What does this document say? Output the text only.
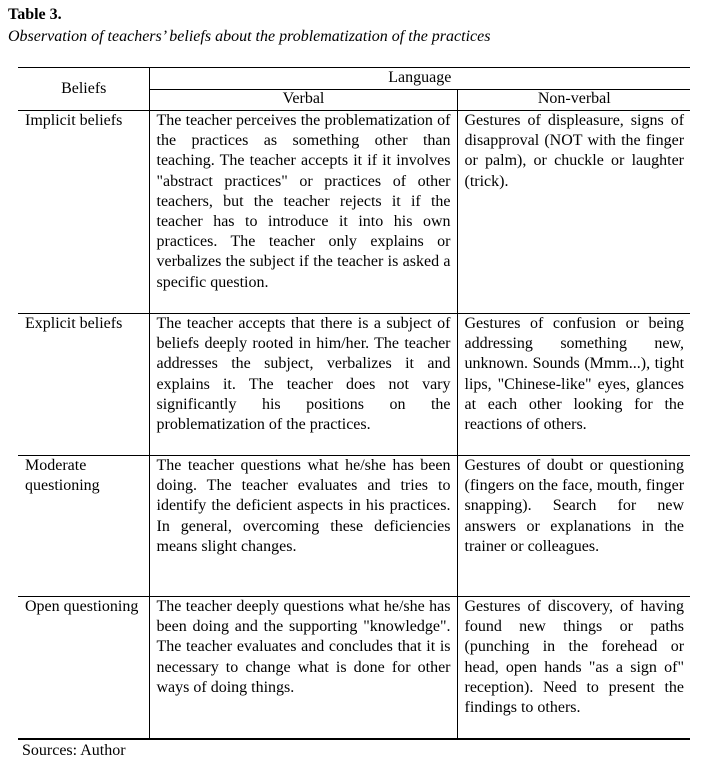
Table 3.
Observation of teachers’ beliefs about the problematization of the practices
Beliefs	Language	
	Verbal	Non-verbal
Implicit beliefs	The teacher perceives the problematization of the practices as something other than teaching. The teacher accepts it if it involves "abstract practices" or practices of other teachers, but the teacher rejects it if the teacher has to introduce it into his own practices. The teacher only explains or verbalizes the subject if the teacher is asked a specific question.	Gestures of displeasure, signs of disapproval (NOT with the finger or palm), or chuckle or laughter (trick).
Explicit beliefs	The teacher accepts that there is a subject of beliefs deeply rooted in him/her. The teacher addresses the subject, verbalizes it and explains it. The teacher does not vary significantly his positions on the problematization of the practices.	Gestures of confusion or being addressing something new, unknown. Sounds (Mmm...), tight lips, "Chinese-like" eyes, glances at each other looking for the reactions of others.
Moderate questioning	The teacher questions what he/she has been doing. The teacher evaluates and tries to identify the deficient aspects in his practices. In general, overcoming these deficiencies means slight changes.	Gestures of doubt or questioning (fingers on the face, mouth, finger snapping). Search for new answers or explanations in the trainer or colleagues.
Open questioning	The teacher deeply questions what he/she has been doing and the supporting "knowledge". The teacher evaluates and concludes that it is necessary to change what is done for other ways of doing things.	Gestures of discovery, of having found new things or paths (punching in the forehead or head, open hands "as a sign of" reception). Need to present the findings to others.
Sources: Author
